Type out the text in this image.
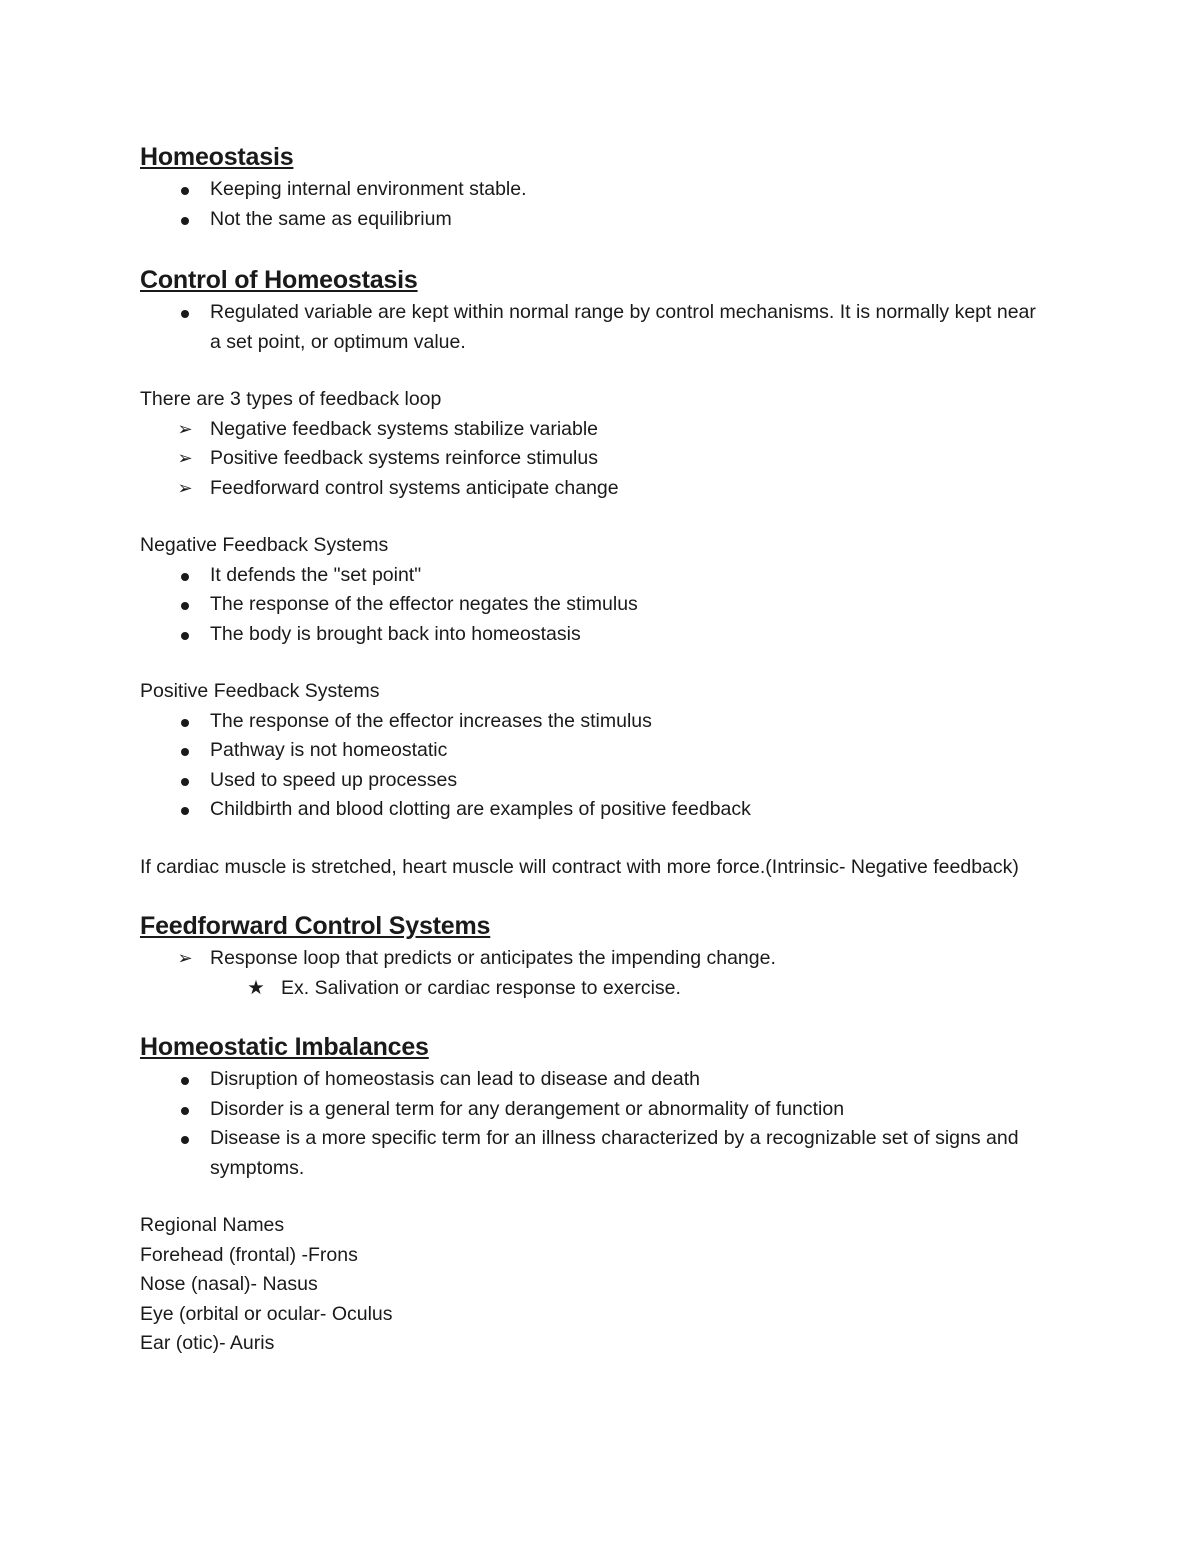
Homeostasis
Keeping internal environment stable.
Not the same as equilibrium
Control of Homeostasis
Regulated variable are kept within normal range by control mechanisms. It is normally kept near a set point, or optimum value.

There are 3 types of feedback loop

➢ Negative feedback systems stabilize variable
➢ Positive feedback systems reinforce stimulus
➢ Feedforward control systems anticipate change

Negative Feedback Systems

It defends the "set point"
The response of the effector negates the stimulus
The body is brought back into homeostasis

Positive Feedback Systems

The response of the effector increases the stimulus
Pathway is not homeostatic
Used to speed up processes
Childbirth and blood clotting are examples of positive feedback

If cardiac muscle is stretched, heart muscle will contract with more force.(Intrinsic- Negative feedback)

Feedforward Control Systems
➢ Response loop that predicts or anticipates the impending change.
★ Ex. Salivation or cardiac response to exercise.
Homeostatic Imbalances
Disruption of homeostasis can lead to disease and death
Disorder is a general term for any derangement or abnormality of function
Disease is a more specific term for an illness characterized by a recognizable set of signs and symptoms.

Regional Names

Forehead (frontal) -Frons

Nose (nasal)- Nasus

Eye (orbital or ocular- Oculus

Ear (otic)- Auris
